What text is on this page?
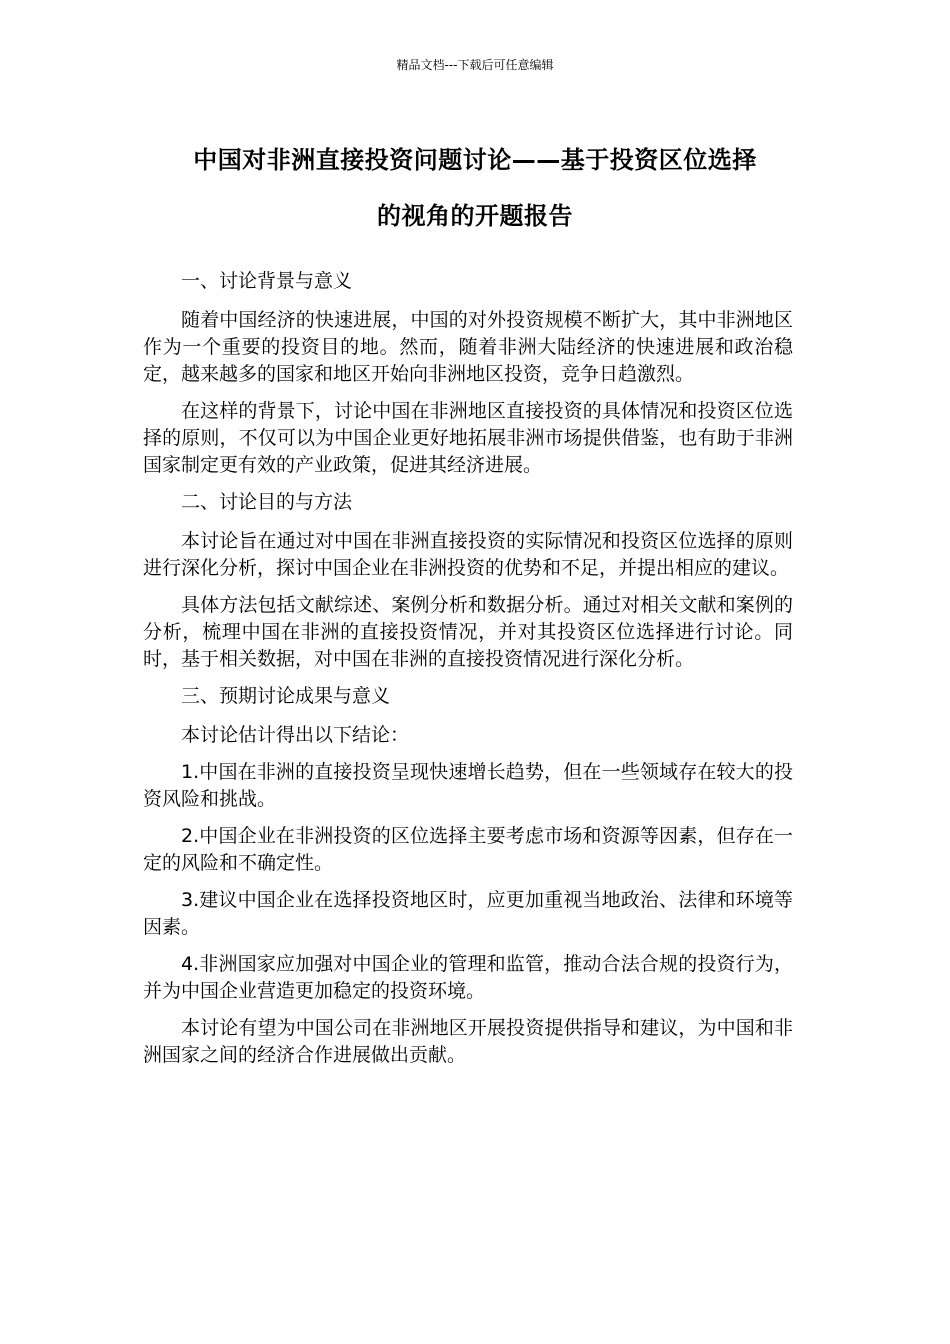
精品文档---下载后可任意编辑
中国对非洲直接投资问题讨论——基于投资区位选择
的视角的开题报告

一、讨论背景与意义

随着中国经济的快速进展，中国的对外投资规模不断扩大，其中非洲地区作为一个重要的投资目的地。然而，随着非洲大陆经济的快速进展和政治稳定，越来越多的国家和地区开始向非洲地区投资，竞争日趋激烈。

在这样的背景下，讨论中国在非洲地区直接投资的具体情况和投资区位选择的原则，不仅可以为中国企业更好地拓展非洲市场提供借鉴，也有助于非洲国家制定更有效的产业政策，促进其经济进展。

二、讨论目的与方法

本讨论旨在通过对中国在非洲直接投资的实际情况和投资区位选择的原则进行深化分析，探讨中国企业在非洲投资的优势和不足，并提出相应的建议。

具体方法包括文献综述、案例分析和数据分析。通过对相关文献和案例的分析，梳理中国在非洲的直接投资情况，并对其投资区位选择进行讨论。同时，基于相关数据，对中国在非洲的直接投资情况进行深化分析。

三、预期讨论成果与意义

本讨论估计得出以下结论：

1.中国在非洲的直接投资呈现快速增长趋势，但在一些领域存在较大的投资风险和挑战。

2.中国企业在非洲投资的区位选择主要考虑市场和资源等因素，但存在一定的风险和不确定性。

3.建议中国企业在选择投资地区时，应更加重视当地政治、法律和环境等因素。

4.非洲国家应加强对中国企业的管理和监管，推动合法合规的投资行为，并为中国企业营造更加稳定的投资环境。

本讨论有望为中国公司在非洲地区开展投资提供指导和建议，为中国和非洲国家之间的经济合作进展做出贡献。
